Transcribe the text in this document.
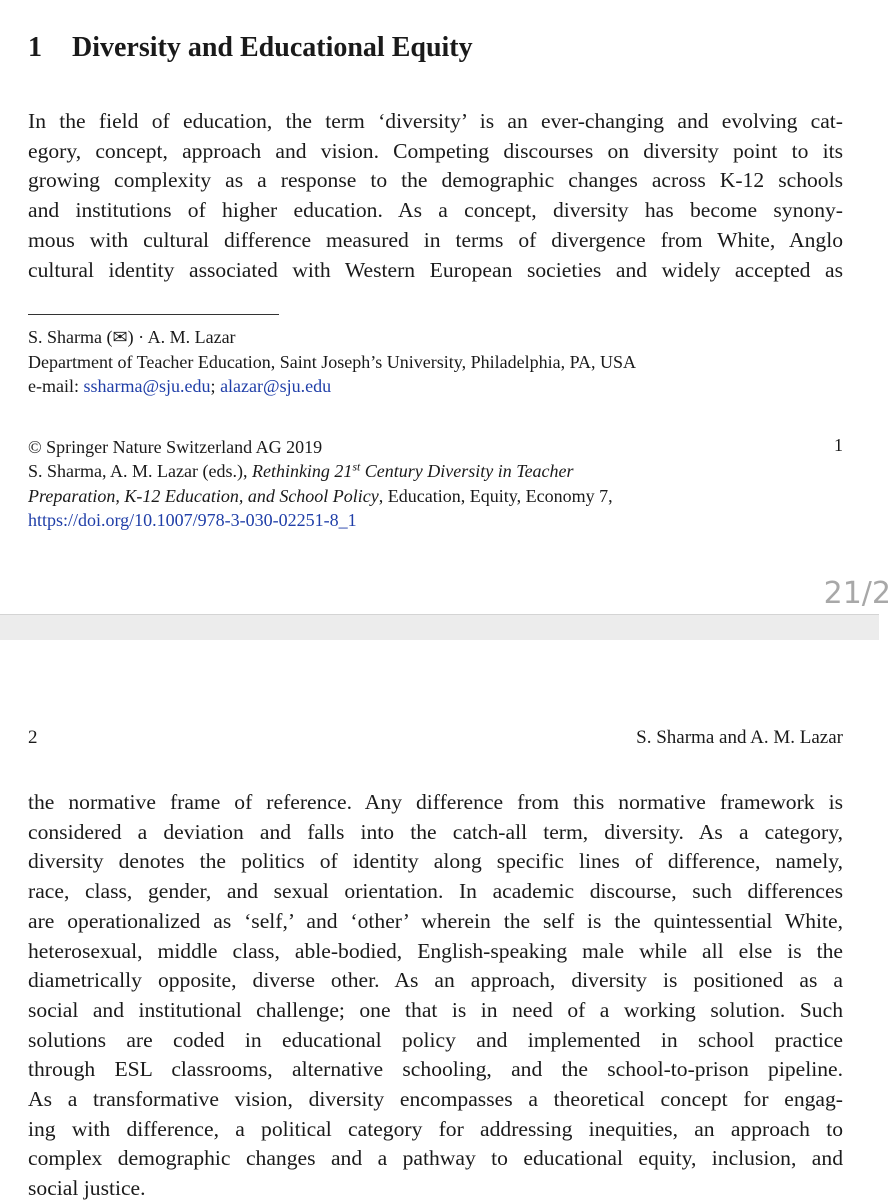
1 Diversity and Educational Equity
In the field of education, the term ‘diversity’ is an ever-changing and evolving cat-
egory, concept, approach and vision. Competing discourses on diversity point to its
growing complexity as a response to the demographic changes across K-12 schools
and institutions of higher education. As a concept, diversity has become synony-
mous with cultural difference measured in terms of divergence from White, Anglo
cultural identity associated with Western European societies and widely accepted as
S. Sharma (✉) · A. M. Lazar
Department of Teacher Education, Saint Joseph’s University, Philadelphia, PA, USA
e-mail: ssharma@sju.edu; alazar@sju.edu
© Springer Nature Switzerland AG 2019	1
S. Sharma, A. M. Lazar (eds.), Rethinking 21st Century Diversity in Teacher
Preparation, K-12 Education, and School Policy, Education, Equity, Economy 7,
https://doi.org/10.1007/978-3-030-02251-8_1
21/2
2	S. Sharma and A. M. Lazar
the normative frame of reference. Any difference from this normative framework is
considered a deviation and falls into the catch-all term, diversity. As a category,
diversity denotes the politics of identity along specific lines of difference, namely,
race, class, gender, and sexual orientation. In academic discourse, such differences
are operationalized as ‘self,’ and ‘other’ wherein the self is the quintessential White,
heterosexual, middle class, able-bodied, English-speaking male while all else is the
diametrically opposite, diverse other. As an approach, diversity is positioned as a
social and institutional challenge; one that is in need of a working solution. Such
solutions are coded in educational policy and implemented in school practice
through ESL classrooms, alternative schooling, and the school-to-prison pipeline.
As a transformative vision, diversity encompasses a theoretical concept for engag-
ing with difference, a political category for addressing inequities, an approach to
complex demographic changes and a pathway to educational equity, inclusion, and
social justice.
